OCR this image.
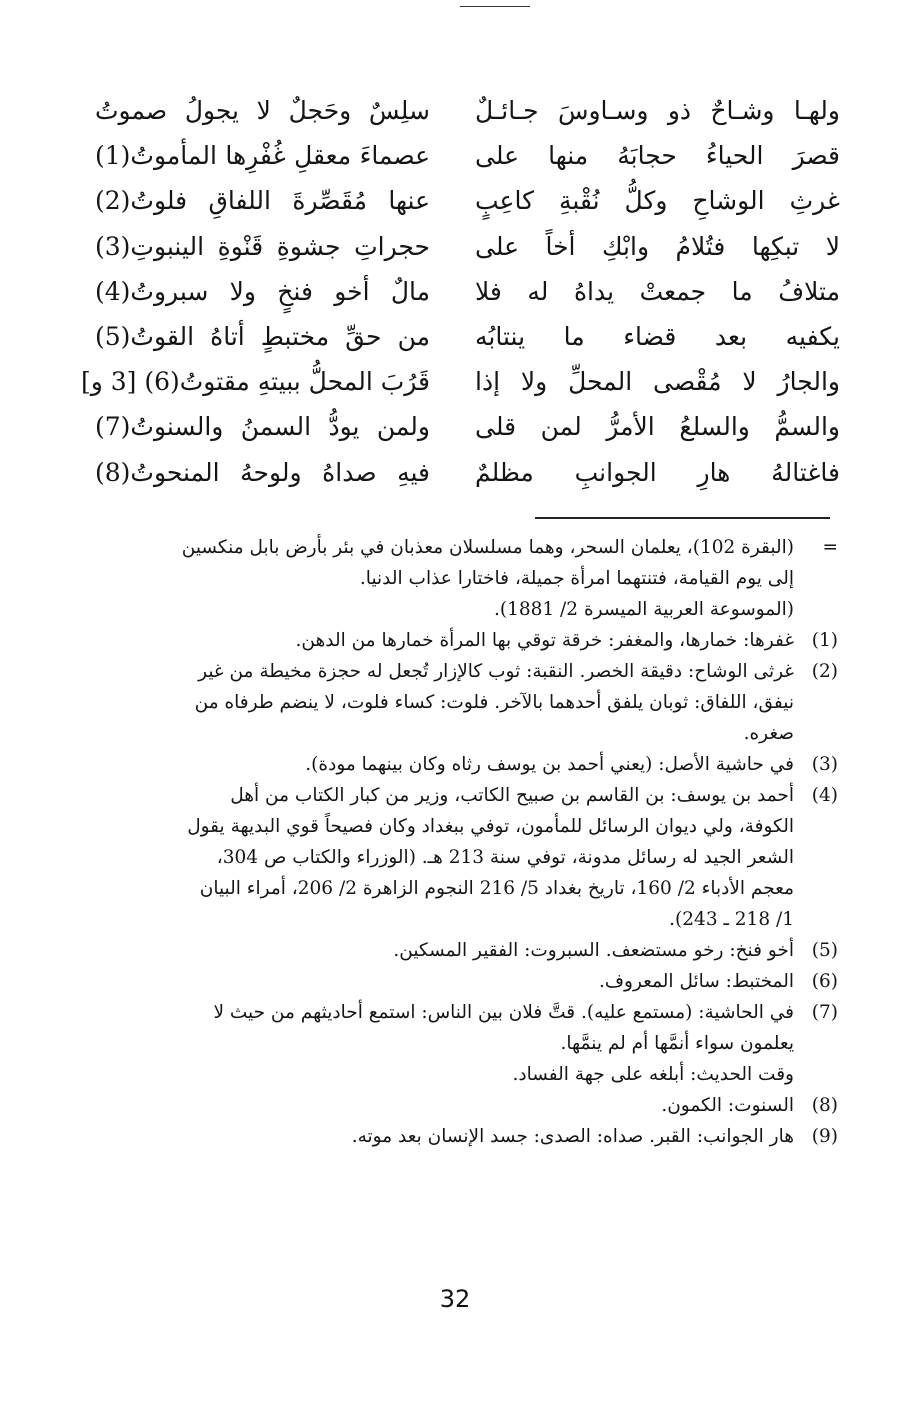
ولهـا وشـاحٌ ذو وسـاوسَ جـائـلٌ
سلِسٌ وحَجلٌ لا يجولُ صموتُ
قصرَ الحياءُ حجابَهُ منها على
عصماءَ معقلِ غُفْرِها المأموتُ(1)
غرثِ الوشاحِ وكلُّ نُقْبةِ كاعِبٍ
عنها مُقَصِّرةَ اللفاقِ فلوتُ(2)
لا تبكِها فتُلامُ وابْكِ أخاً على
حجراتِ جشوةِ قَنْوةِ الينبوتِ(3)
متلافُ ما جمعتْ يداهُ له فلا
مالٌ أخو فنخٍ ولا سبروتُ(4)
يكفيه بعد قضاء ما ينتابُه
من حقِّ مختبطٍ أتاهُ القوتُ(5)
والجارُ لا مُقْصى المحلِّ ولا إذا
قَرُبَ المحلُّ ببيتهِ مقتوتُ(6) [3 و]
والسمُّ والسلعُ الأمرُّ لمن قلى
ولمن يودُّ السمنُ والسنوتُ(7)
فاغتالهُ هارِ الجوانبِ مظلمٌ
فيهِ صداهُ ولوحهُ المنحوتُ(8)
=
(البقرة 102)، يعلمان السحر، وهما مسلسلان معذبان في بئر بأرض بابل منكسين
إلى يوم القيامة، فتنتهما امرأة جميلة، فاختارا عذاب الدنيا.
(الموسوعة العربية الميسرة 2/ 1881).
(1)
غفرها: خمارها، والمغفر: خرقة توقي بها المرأة خمارها من الدهن.
(2)
غرثى الوشاح: دقيقة الخصر. النقبة: ثوب كالإزار تُجعل له حجزة مخيطة من غير
نيفق، اللفاق: ثوبان يلفق أحدهما بالآخر. فلوت: كساء فلوت، لا ينضم طرفاه من
صغره.
(3)
في حاشية الأصل: (يعني أحمد بن يوسف رثاه وكان بينهما مودة).
(4)
أحمد بن يوسف: بن القاسم بن صبيح الكاتب، وزير من كبار الكتاب من أهل
الكوفة، ولي ديوان الرسائل للمأمون، توفي ببغداد وكان فصيحاً قوي البديهة يقول
الشعر الجيد له رسائل مدونة، توفي سنة 213 هـ. (الوزراء والكتاب ص 304،
معجم الأدباء 2/ 160، تاريخ بغداد 5/ 216 النجوم الزاهرة 2/ 206، أمراء البيان
1/ 218 ـ 243).
(5)
أخو فنخ: رخو مستضعف. السبروت: الفقير المسكين.
(6)
المختبط: سائل المعروف.
(7)
في الحاشية: (مستمع عليه). قتَّ فلان بين الناس: استمع أحاديثهم من حيث لا
يعلمون سواء أنمَّها أم لم ينمَّها.
وقت الحديث: أبلغه على جهة الفساد.
(8)
السنوت: الكمون.
(9)
هار الجوانب: القبر. صداه: الصدى: جسد الإنسان بعد موته.
32
